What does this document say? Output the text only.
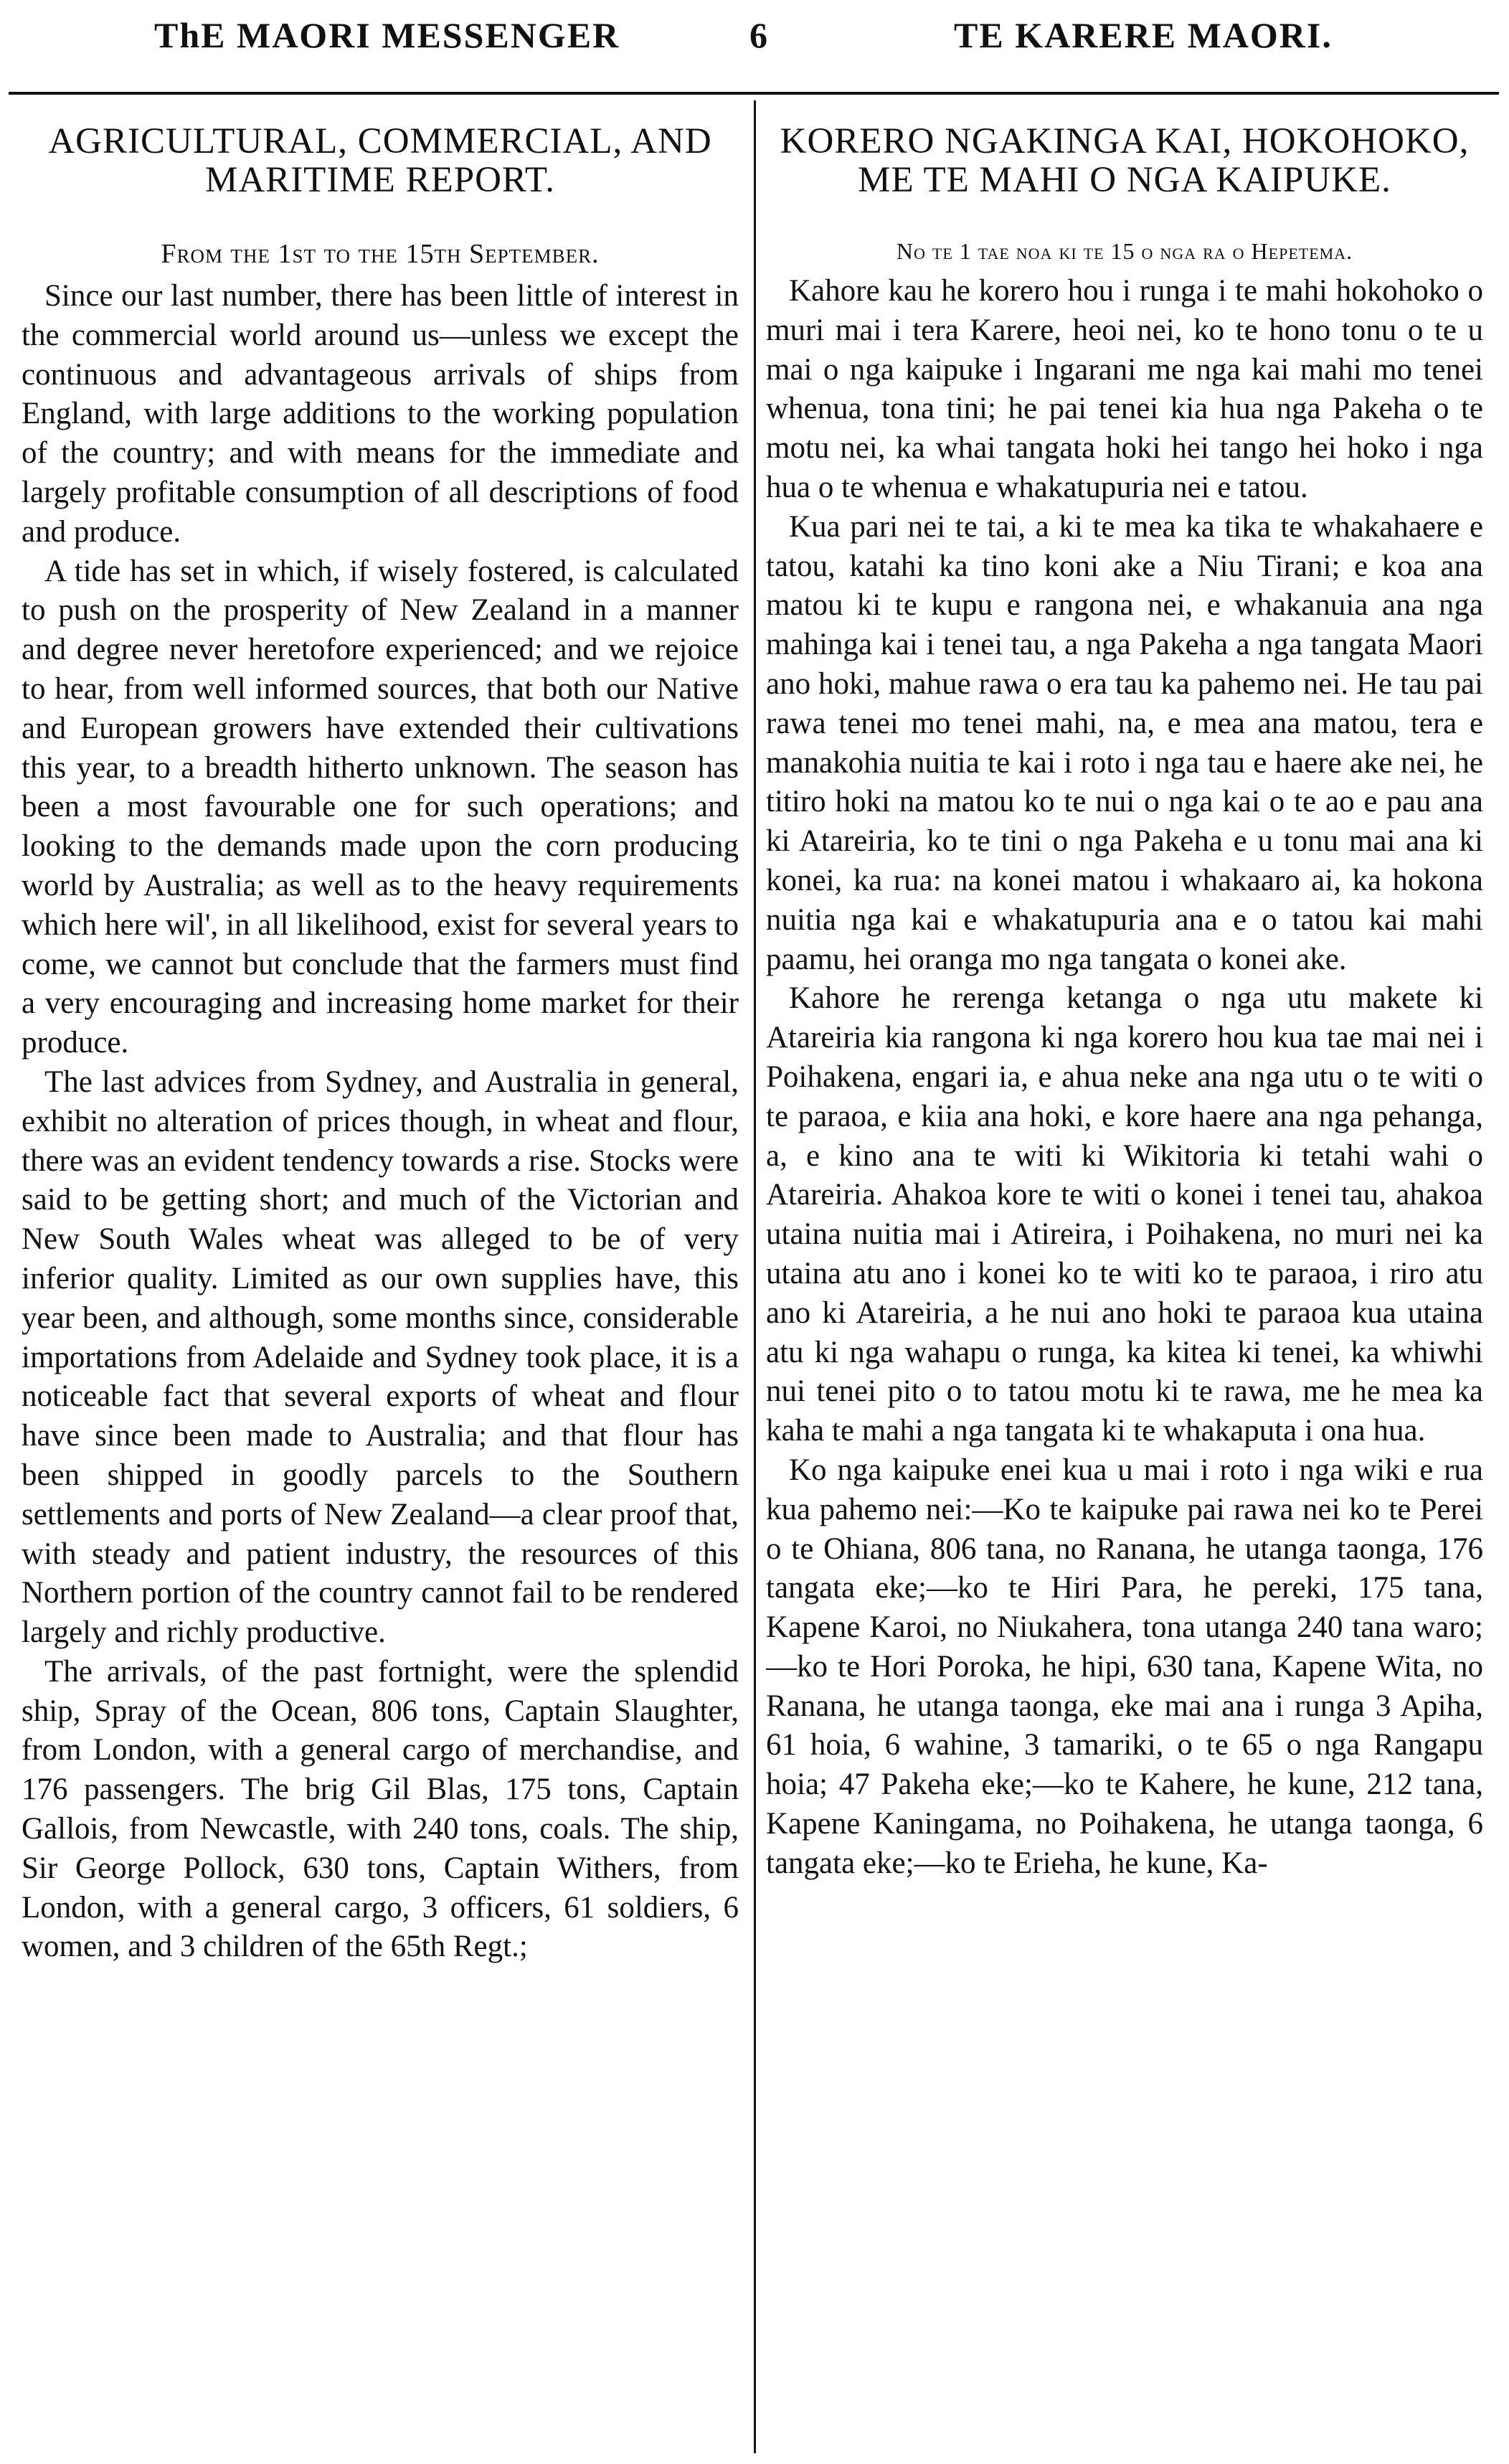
ThE MAORI MESSENGER	6	TE KARERE MAORI.
AGRICULTURAL, COMMERCIAL, AND MARITIME REPORT.
From the 1st to the 15th September.

Since our last number, there has been little of interest in the commercial world around us—unless we except the continuous and advantageous arrivals of ships from England, with large additions to the working population of the country; and with means for the immediate and largely profitable consumption of all descriptions of food and produce.

A tide has set in which, if wisely fostered, is calculated to push on the prosperity of New Zealand in a manner and degree never heretofore experienced; and we rejoice to hear, from well informed sources, that both our Native and European growers have extended their cultivations this year, to a breadth hitherto unknown. The season has been a most favourable one for such operations; and looking to the demands made upon the corn producing world by Australia; as well as to the heavy requirements which here wil', in all likelihood, exist for several years to come, we cannot but conclude that the farmers must find a very encouraging and increasing home market for their produce.

The last advices from Sydney, and Australia in general, exhibit no alteration of prices though, in wheat and flour, there was an evident tendency towards a rise. Stocks were said to be getting short; and much of the Victorian and New South Wales wheat was alleged to be of very inferior quality. Limited as our own supplies have, this year been, and although, some months since, considerable importations from Adelaide and Sydney took place, it is a noticeable fact that several exports of wheat and flour have since been made to Australia; and that flour has been shipped in goodly parcels to the Southern settlements and ports of New Zealand—a clear proof that, with steady and patient industry, the resources of this Northern portion of the country cannot fail to be rendered largely and richly productive.

The arrivals, of the past fortnight, were the splendid ship, Spray of the Ocean, 806 tons, Captain Slaughter, from London, with a general cargo of merchandise, and 176 passengers. The brig Gil Blas, 175 tons, Captain Gallois, from Newcastle, with 240 tons, coals. The ship, Sir George Pollock, 630 tons, Captain Withers, from London, with a general cargo, 3 officers, 61 soldiers, 6 women, and 3 children of the 65th Regt.;

KORERO NGAKINGA KAI, HOKOHOKO, ME TE MAHI O NGA KAIPUKE.
No te 1 tae noa ki te 15 o nga ra o Hepetema.

Kahore kau he korero hou i runga i te mahi hokohoko o muri mai i tera Karere, heoi nei, ko te hono tonu o te u mai o nga kaipuke i Ingarani me nga kai mahi mo tenei whenua, tona tini; he pai tenei kia hua nga Pakeha o te motu nei, ka whai tangata hoki hei tango hei hoko i nga hua o te whenua e whakatupuria nei e tatou.

Kua pari nei te tai, a ki te mea ka tika te whakahaere e tatou, katahi ka tino koni ake a Niu Tirani; e koa ana matou ki te kupu e rangona nei, e whakanuia ana nga mahinga kai i tenei tau, a nga Pakeha a nga tangata Maori ano hoki, mahue rawa o era tau ka pahemo nei. He tau pai rawa tenei mo tenei mahi, na, e mea ana matou, tera e manakohia nuitia te kai i roto i nga tau e haere ake nei, he titiro hoki na matou ko te nui o nga kai o te ao e pau ana ki Atareiria, ko te tini o nga Pakeha e u tonu mai ana ki konei, ka rua: na konei matou i whakaaro ai, ka hokona nuitia nga kai e whakatupuria ana e o tatou kai mahi paamu, hei oranga mo nga tangata o konei ake.

Kahore he rerenga ketanga o nga utu makete ki Atareiria kia rangona ki nga korero hou kua tae mai nei i Poihakena, engari ia, e ahua neke ana nga utu o te witi o te paraoa, e kiia ana hoki, e kore haere ana nga pehanga, a, e kino ana te witi ki Wikitoria ki tetahi wahi o Atareiria. Ahakoa kore te witi o konei i tenei tau, ahakoa utaina nuitia mai i Atireira, i Poihakena, no muri nei ka utaina atu ano i konei ko te witi ko te paraoa, i riro atu ano ki Atareiria, a he nui ano hoki te paraoa kua utaina atu ki nga wahapu o runga, ka kitea ki tenei, ka whiwhi nui tenei pito o to tatou motu ki te rawa, me he mea ka kaha te mahi a nga tangata ki te whakaputa i ona hua.

Ko nga kaipuke enei kua u mai i roto i nga wiki e rua kua pahemo nei:—Ko te kaipuke pai rawa nei ko te Perei o te Ohiana, 806 tana, no Ranana, he utanga taonga, 176 tangata eke;—ko te Hiri Para, he pereki, 175 tana, Kapene Karoi, no Niukahera, tona utanga 240 tana waro;—ko te Hori Poroka, he hipi, 630 tana, Kapene Wita, no Ranana, he utanga taonga, eke mai ana i runga 3 Apiha, 61 hoia, 6 wahine, 3 tamariki, o te 65 o nga Rangapu hoia; 47 Pakeha eke;—ko te Kahere, he kune, 212 tana, Kapene Kaningama, no Poihakena, he utanga taonga, 6 tangata eke;—ko te Erieha, he kune, Ka-
